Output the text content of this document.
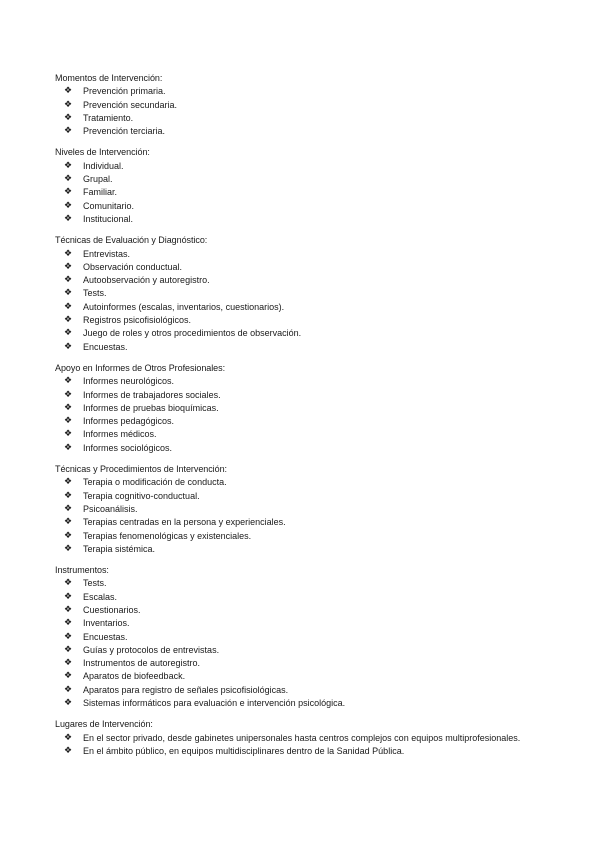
Momentos de Intervención:
❖ Prevención primaria.
❖ Prevención secundaria.
❖ Tratamiento.
❖ Prevención terciaria.
Niveles de Intervención:
❖ Individual.
❖ Grupal.
❖ Familiar.
❖ Comunitario.
❖ Institucional.
Técnicas de Evaluación y Diagnóstico:
❖ Entrevistas.
❖ Observación conductual.
❖ Autoobservación y autoregistro.
❖ Tests.
❖ Autoinformes (escalas, inventarios, cuestionarios).
❖ Registros psicofisiológicos.
❖ Juego de roles y otros procedimientos de observación.
❖ Encuestas.
Apoyo en Informes de Otros Profesionales:
❖ Informes neurológicos.
❖ Informes de trabajadores sociales.
❖ Informes de pruebas bioquímicas.
❖ Informes pedagógicos.
❖ Informes médicos.
❖ Informes sociológicos.
Técnicas y Procedimientos de Intervención:
❖ Terapia o modificación de conducta.
❖ Terapia cognitivo-conductual.
❖ Psicoanálisis.
❖ Terapias centradas en la persona y experienciales.
❖ Terapias fenomenológicas y existenciales.
❖ Terapia sistémica.
Instrumentos:
❖ Tests.
❖ Escalas.
❖ Cuestionarios.
❖ Inventarios.
❖ Encuestas.
❖ Guías y protocolos de entrevistas.
❖ Instrumentos de autoregistro.
❖ Aparatos de biofeedback.
❖ Aparatos para registro de señales psicofisiológicas.
❖ Sistemas informáticos para evaluación e intervención psicológica.
Lugares de Intervención:
❖ En el sector privado, desde gabinetes unipersonales hasta centros complejos con equipos multiprofesionales.
❖ En el ámbito público, en equipos multidisciplinares dentro de la Sanidad Pública.
